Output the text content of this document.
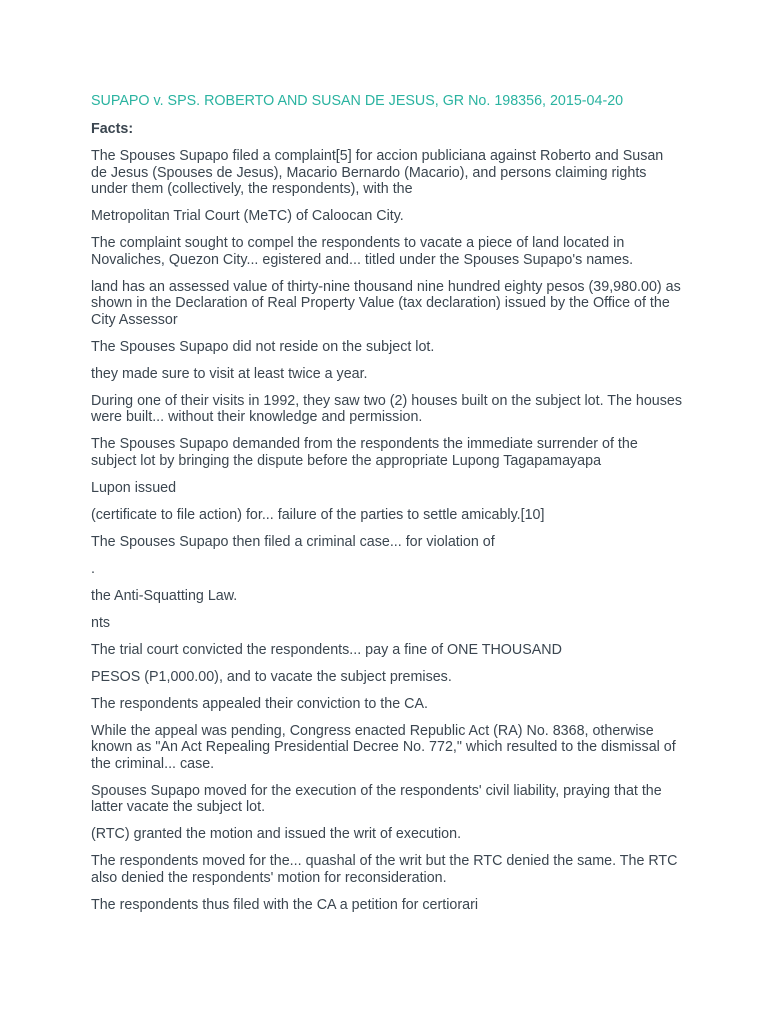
SUPAPO v. SPS. ROBERTO AND SUSAN DE JESUS, GR No. 198356, 2015-04-20
Facts:

The Spouses Supapo filed a complaint[5] for accion publiciana against Roberto and Susan de Jesus (Spouses de Jesus), Macario Bernardo (Macario), and persons claiming rights under them (collectively, the respondents), with the

Metropolitan Trial Court (MeTC) of Caloocan City.

The complaint sought to compel the respondents to vacate a piece of land located in Novaliches, Quezon City... egistered and... titled under the Spouses Supapo's names.

land has an assessed value of thirty-nine thousand nine hundred eighty pesos (39,980.00) as shown in the Declaration of Real Property Value (tax declaration) issued by the Office of the City Assessor

The Spouses Supapo did not reside on the subject lot.

they made sure to visit at least twice a year.

During one of their visits in 1992, they saw two (2) houses built on the subject lot. The houses were built... without their knowledge and permission.

The Spouses Supapo demanded from the respondents the immediate surrender of the subject lot by bringing the dispute before the appropriate Lupong Tagapamayapa

Lupon issued

(certificate to file action) for... failure of the parties to settle amicably.[10]

The Spouses Supapo then filed a criminal case... for violation of

.

the Anti-Squatting Law.

nts

The trial court convicted the respondents... pay a fine of ONE THOUSAND

PESOS (P1,000.00), and to vacate the subject premises.

The respondents appealed their conviction to the CA.

While the appeal was pending, Congress enacted Republic Act (RA) No. 8368, otherwise known as "An Act Repealing Presidential Decree No. 772," which resulted to the dismissal of the criminal... case.

Spouses Supapo moved for the execution of the respondents' civil liability, praying that the latter vacate the subject lot.

(RTC) granted the motion and issued the writ of execution.

The respondents moved for the... quashal of the writ but the RTC denied the same. The RTC also denied the respondents' motion for reconsideration.

The respondents thus filed with the CA a petition for certiorari
